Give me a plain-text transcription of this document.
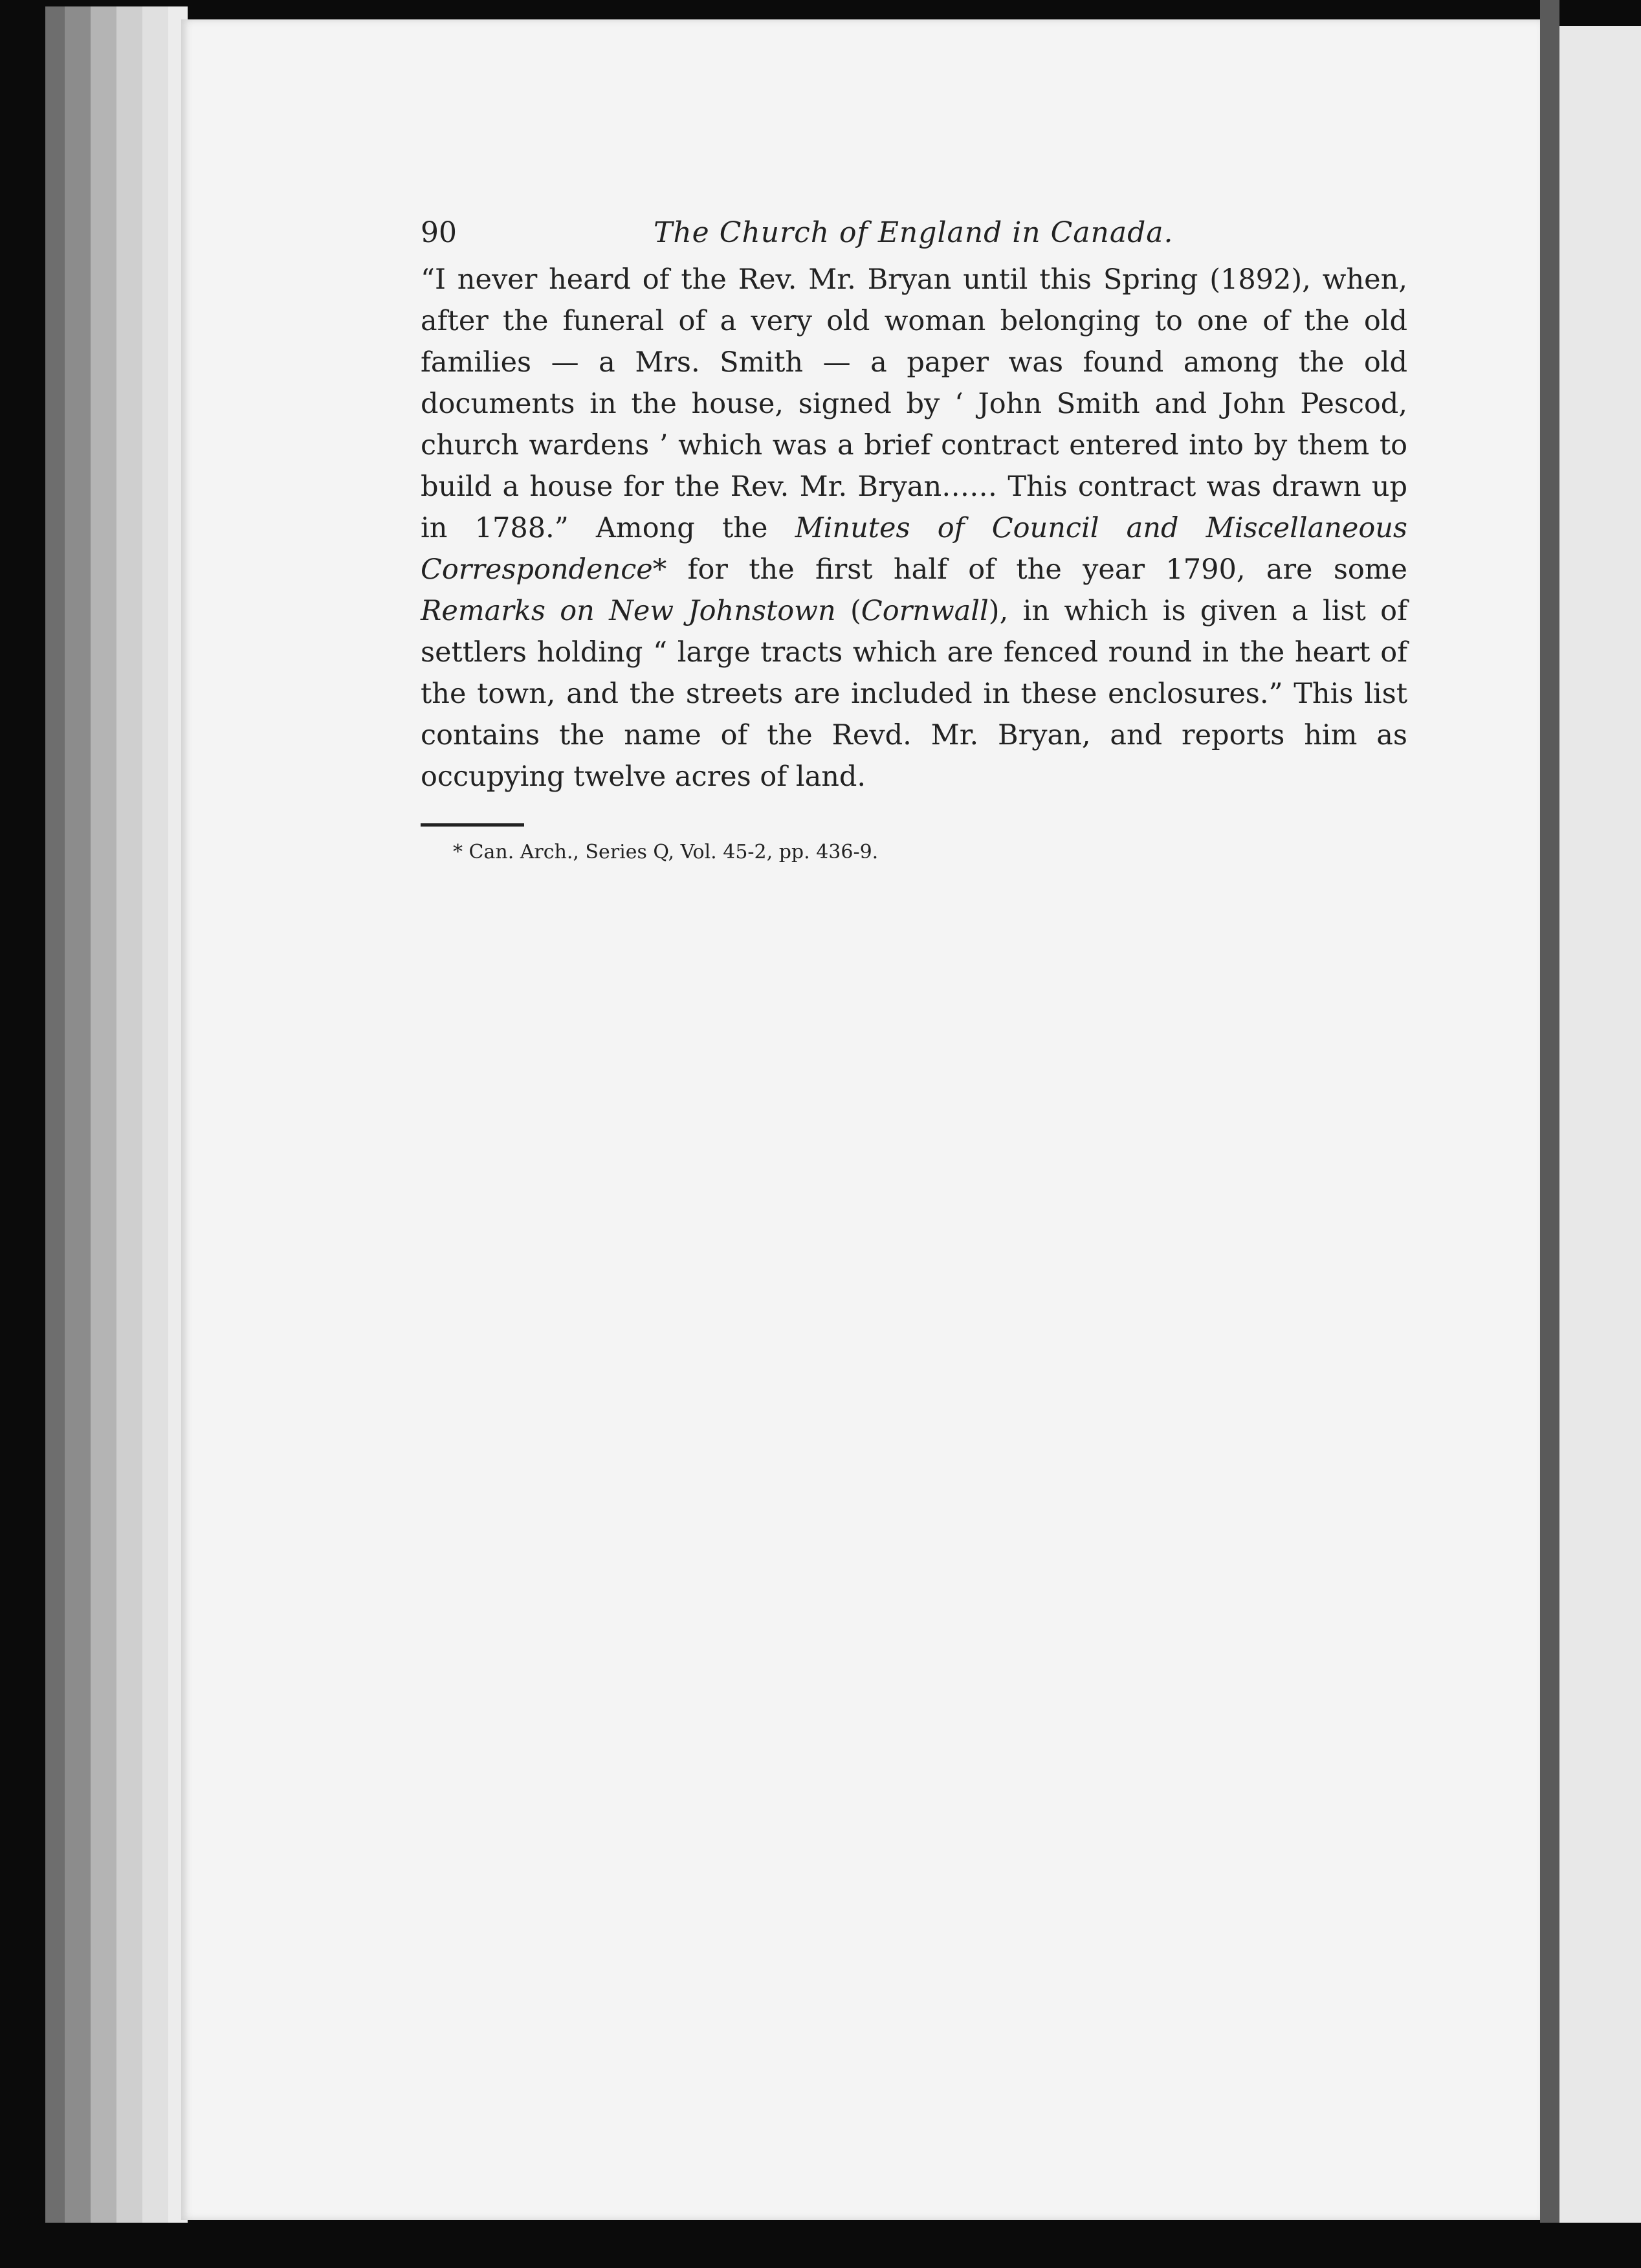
90	The Church of England in Canada.

“I never heard of the Rev. Mr. Bryan until this Spring (1892), when, after the funeral of a very old woman belonging to one of the old families — a Mrs. Smith — a paper was found among the old documents in the house, signed by ‘ John Smith and John Pescod, church wardens ’ which was a brief contract entered into by them to build a house for the Rev. Mr. Bryan…… This contract was drawn up in 1788.” Among the Minutes of Council and Miscellaneous Correspondence* for the first half of the year 1790, are some Remarks on New Johnstown (Cornwall), in which is given a list of settlers holding “ large tracts which are fenced round in the heart of the town, and the streets are included in these enclosures.” This list contains the name of the Revd. Mr. Bryan, and reports him as occupying twelve acres of land.

* Can. Arch., Series Q, Vol. 45-2, pp. 436-9.
